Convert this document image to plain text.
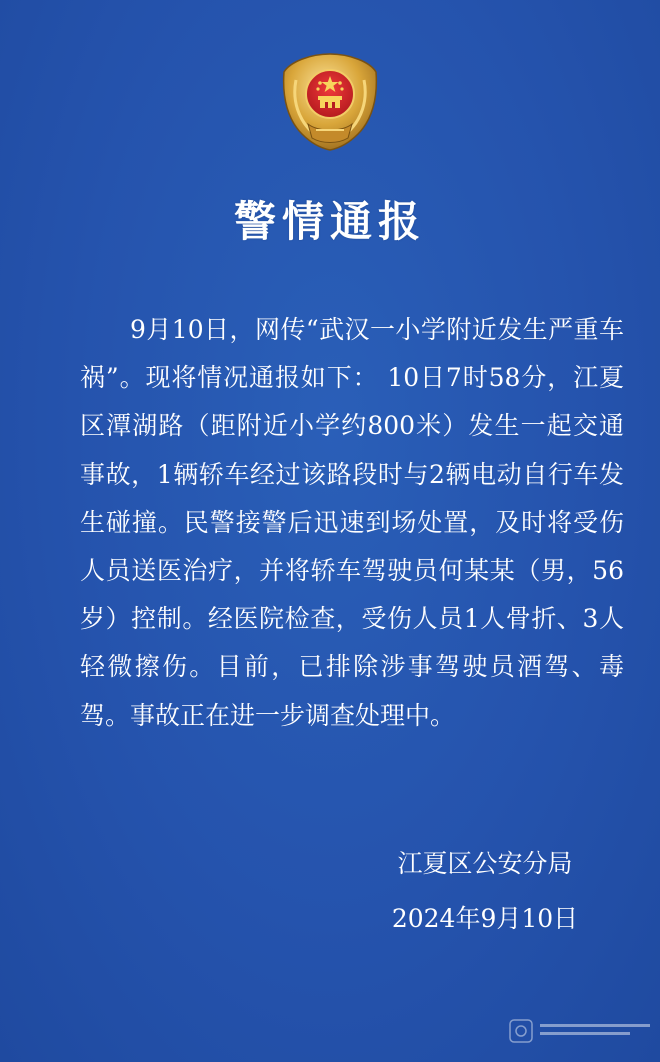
警情通报

9月10日，网传“武汉一小学附近发生严重车祸”。现将情况通报如下： 10日7时58分，江夏区潭湖路（距附近小学约800米）发生一起交通事故，1辆轿车经过该路段时与2辆电动自行车发生碰撞。民警接警后迅速到场处置，及时将受伤人员送医治疗，并将轿车驾驶员何某某（男，56岁）控制。经医院检查，受伤人员1人骨折、3人轻微擦伤。目前，已排除涉事驾驶员酒驾、毒驾。事故正在进一步调查处理中。

江夏区公安分局
2024年9月10日
